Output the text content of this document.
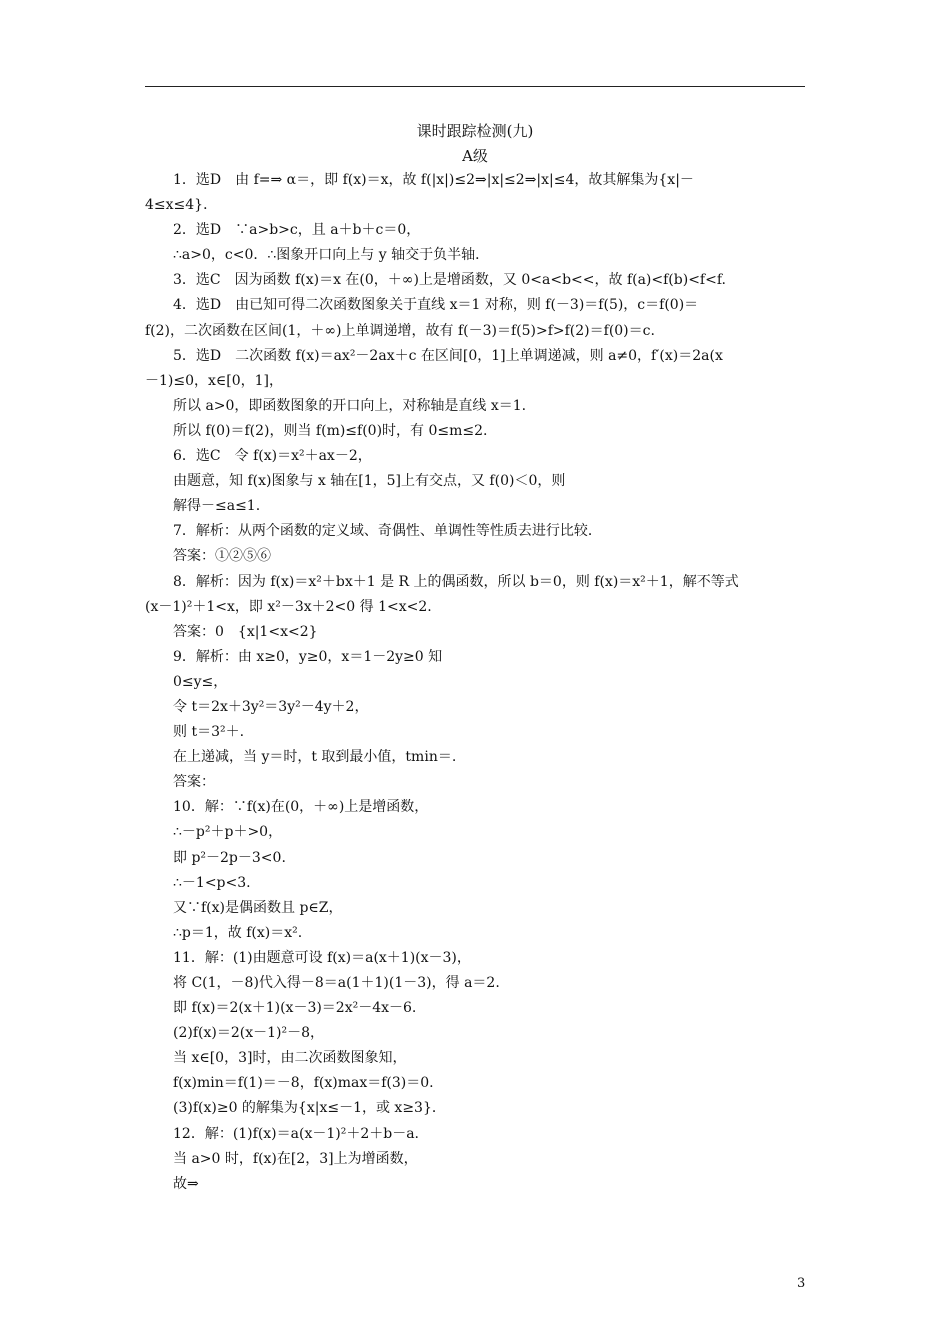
课时跟踪检测(九)
A级
1．选D　由 f=⇒ α＝，即 f(x)＝x，故 f(|x|)≤2⇒|x|≤2⇒|x|≤4，故其解集为{x|－
4≤x≤4}．
2．选D　∵a>b>c，且 a＋b＋c＝0，
∴a>0，c<0．∴图象开口向上与 y 轴交于负半轴．
3．选C　因为函数 f(x)＝x 在(0，＋∞)上是增函数，又 0<a<b<<，故 f(a)<f(b)<f<f.
4．选D　由已知可得二次函数图象关于直线 x＝1 对称，则 f(－3)＝f(5)，c＝f(0)＝
f(2)，二次函数在区间(1，＋∞)上单调递增，故有 f(－3)＝f(5)>f>f(2)＝f(0)＝c.
5．选D　二次函数 f(x)＝ax²－2ax＋c 在区间[0，1]上单调递减，则 a≠0，f′(x)＝2a(x
－1)≤0，x∈[0，1]，
所以 a>0，即函数图象的开口向上，对称轴是直线 x＝1.
所以 f(0)＝f(2)，则当 f(m)≤f(0)时，有 0≤m≤2.
6．选C　令 f(x)＝x²＋ax－2，
由题意，知 f(x)图象与 x 轴在[1，5]上有交点，又 f(0)＜0，则
解得－≤a≤1.
7．解析：从两个函数的定义域、奇偶性、单调性等性质去进行比较．
答案：①②⑤⑥
8．解析：因为 f(x)＝x²＋bx＋1 是 R 上的偶函数，所以 b＝0，则 f(x)＝x²＋1，解不等式
(x－1)²＋1<x，即 x²－3x＋2<0 得 1<x<2.
答案：0　{x|1<x<2}
9．解析：由 x≥0，y≥0，x＝1－2y≥0 知
0≤y≤，
令 t＝2x＋3y²＝3y²－4y＋2，
则 t＝3²＋.
在上递减，当 y＝时，t 取到最小值，tmin＝.
答案：
10．解：∵f(x)在(0，＋∞)上是增函数，
∴－p²＋p＋>0，
即 p²－2p－3<0.
∴－1<p<3.
又∵f(x)是偶函数且 p∈Z，
∴p＝1，故 f(x)＝x².
11．解：(1)由题意可设 f(x)＝a(x＋1)(x－3)，
将 C(1，－8)代入得－8＝a(1＋1)(1－3)，得 a＝2.
即 f(x)＝2(x＋1)(x－3)＝2x²－4x－6.
(2)f(x)＝2(x－1)²－8，
当 x∈[0，3]时，由二次函数图象知，
f(x)min＝f(1)＝－8，f(x)max＝f(3)＝0.
(3)f(x)≥0 的解集为{x|x≤－1，或 x≥3}．
12．解：(1)f(x)＝a(x－1)²＋2＋b－a.
当 a>0 时，f(x)在[2，3]上为增函数，
故⇒
3
